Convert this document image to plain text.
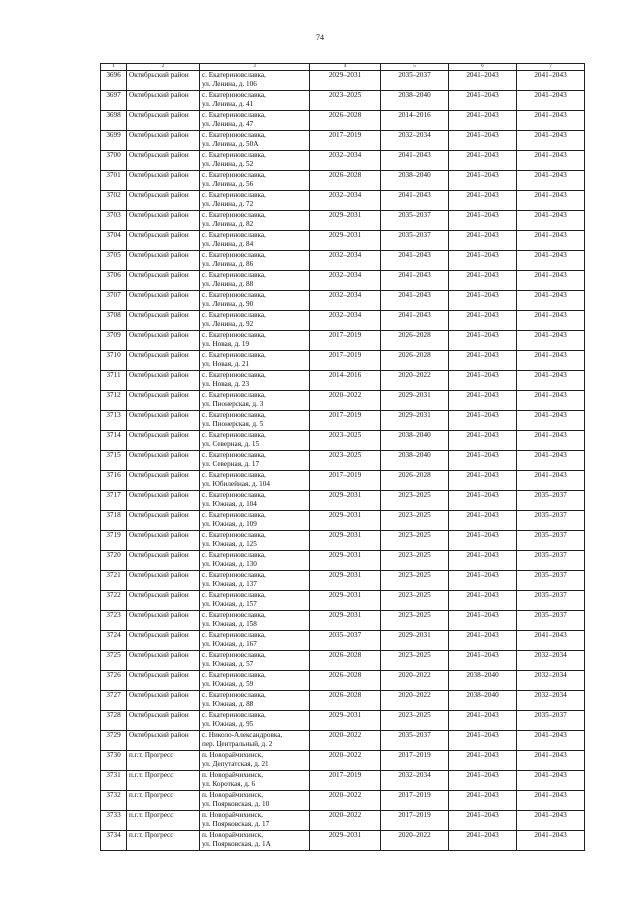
74
1	2	3	4	5	6	7
3696	Октябрьский район	с. Екатериновславка,
ул. Ленина, д. 106	2029–2031	2035–2037	2041–2043	2041–2043
3697	Октябрьский район	с. Екатериновславка,
ул. Ленина, д. 41	2023–2025	2038–2040	2041–2043	2041–2043
3698	Октябрьский район	с. Екатериновславка,
ул. Ленина, д. 47	2026–2028	2014–2016	2041–2043	2041–2043
3699	Октябрьский район	с. Екатериновславка,
ул. Ленина, д. 50А	2017–2019	2032–2034	2041–2043	2041–2043
3700	Октябрьский район	с. Екатериновславка,
ул. Ленина, д. 52	2032–2034	2041–2043	2041–2043	2041–2043
3701	Октябрьский район	с. Екатериновславка,
ул. Ленина, д. 56	2026–2028	2038–2040	2041–2043	2041–2043
3702	Октябрьский район	с. Екатериновславка,
ул. Ленина, д. 72	2032–2034	2041–2043	2041–2043	2041–2043
3703	Октябрьский район	с. Екатериновславка,
ул. Ленина, д. 82	2029–2031	2035–2037	2041–2043	2041–2043
3704	Октябрьский район	с. Екатериновславка,
ул. Ленина, д. 84	2029–2031	2035–2037	2041–2043	2041–2043
3705	Октябрьский район	с. Екатериновславка,
ул. Ленина, д. 86	2032–2034	2041–2043	2041–2043	2041–2043
3706	Октябрьский район	с. Екатериновславка,
ул. Ленина, д. 88	2032–2034	2041–2043	2041–2043	2041–2043
3707	Октябрьский район	с. Екатериновславка,
ул. Ленина, д. 90	2032–2034	2041–2043	2041–2043	2041–2043
3708	Октябрьский район	с. Екатериновславка,
ул. Ленина, д. 92	2032–2034	2041–2043	2041–2043	2041–2043
3709	Октябрьский район	с. Екатериновславка,
ул. Новая, д. 19	2017–2019	2026–2028	2041–2043	2041–2043
3710	Октябрьский район	с. Екатериновславка,
ул. Новая, д. 21	2017–2019	2026–2028	2041–2043	2041–2043
3711	Октябрьский район	с. Екатериновславка,
ул. Новая, д. 23	2014–2016	2020–2022	2041–2043	2041–2043
3712	Октябрьский район	с. Екатериновславка,
ул. Пионерская, д. 3	2020–2022	2029–2031	2041–2043	2041–2043
3713	Октябрьский район	с. Екатериновславка,
ул. Пионерская, д. 5	2017–2019	2029–2031	2041–2043	2041–2043
3714	Октябрьский район	с. Екатериновславка,
ул. Северная, д. 15	2023–2025	2038–2040	2041–2043	2041–2043
3715	Октябрьский район	с. Екатериновславка,
ул. Северная, д. 17	2023–2025	2038–2040	2041–2043	2041–2043
3716	Октябрьский район	с. Екатериновславка,
ул. Юбилейная, д. 104	2017–2019	2026–2028	2041–2043	2041–2043
3717	Октябрьский район	с. Екатериновславка,
ул. Южная, д. 104	2029–2031	2023–2025	2041–2043	2035–2037
3718	Октябрьский район	с. Екатериновславка,
ул. Южная, д. 109	2029–2031	2023–2025	2041–2043	2035–2037
3719	Октябрьский район	с. Екатериновславка,
ул. Южная, д. 125	2029–2031	2023–2025	2041–2043	2035–2037
3720	Октябрьский район	с. Екатериновславка,
ул. Южная, д. 130	2029–2031	2023–2025	2041–2043	2035–2037
3721	Октябрьский район	с. Екатериновславка,
ул. Южная, д. 137	2029–2031	2023–2025	2041–2043	2035–2037
3722	Октябрьский район	с. Екатериновславка,
ул. Южная, д. 157	2029–2031	2023–2025	2041–2043	2035–2037
3723	Октябрьский район	с. Екатериновславка,
ул. Южная, д. 158	2029–2031	2023–2025	2041–2043	2035–2037
3724	Октябрьский район	с. Екатериновславка,
ул. Южная, д. 167	2035–2037	2029–2031	2041–2043	2041–2043
3725	Октябрьский район	с. Екатериновславка,
ул. Южная, д. 57	2026–2028	2023–2025	2041–2043	2032–2034
3726	Октябрьский район	с. Екатериновславка,
ул. Южная, д. 59	2026–2028	2020–2022	2038–2040	2032–2034
3727	Октябрьский район	с. Екатериновславка,
ул. Южная, д. 88	2026–2028	2020–2022	2038–2040	2032–2034
3728	Октябрьский район	с. Екатериновславка,
ул. Южная, д. 95	2029–2031	2023–2025	2041–2043	2035–2037
3729	Октябрьский район	с. Николо-Александровка,
пер. Центральный, д. 2	2020–2022	2035–2037	2041–2043	2041–2043
3730	п.г.т. Прогресс	п. Новорайчихинск,
ул. Депутатская, д. 21	2020–2022	2017–2019	2041–2043	2041–2043
3731	п.г.т. Прогресс	п. Новорайчихинск,
ул. Короткая, д. 6	2017–2019	2032–2034	2041–2043	2041–2043
3732	п.г.т. Прогресс	п. Новорайчихинск,
ул. Поярковская, д. 10	2020–2022	2017–2019	2041–2043	2041–2043
3733	п.г.т. Прогресс	п. Новорайчихинск,
ул. Поярковская, д. 17	2020–2022	2017–2019	2041–2043	2041–2043
3734	п.г.т. Прогресс	п. Новорайчихинск,
ул. Поярковская, д. 1А	2029–2031	2020–2022	2041–2043	2041–2043
